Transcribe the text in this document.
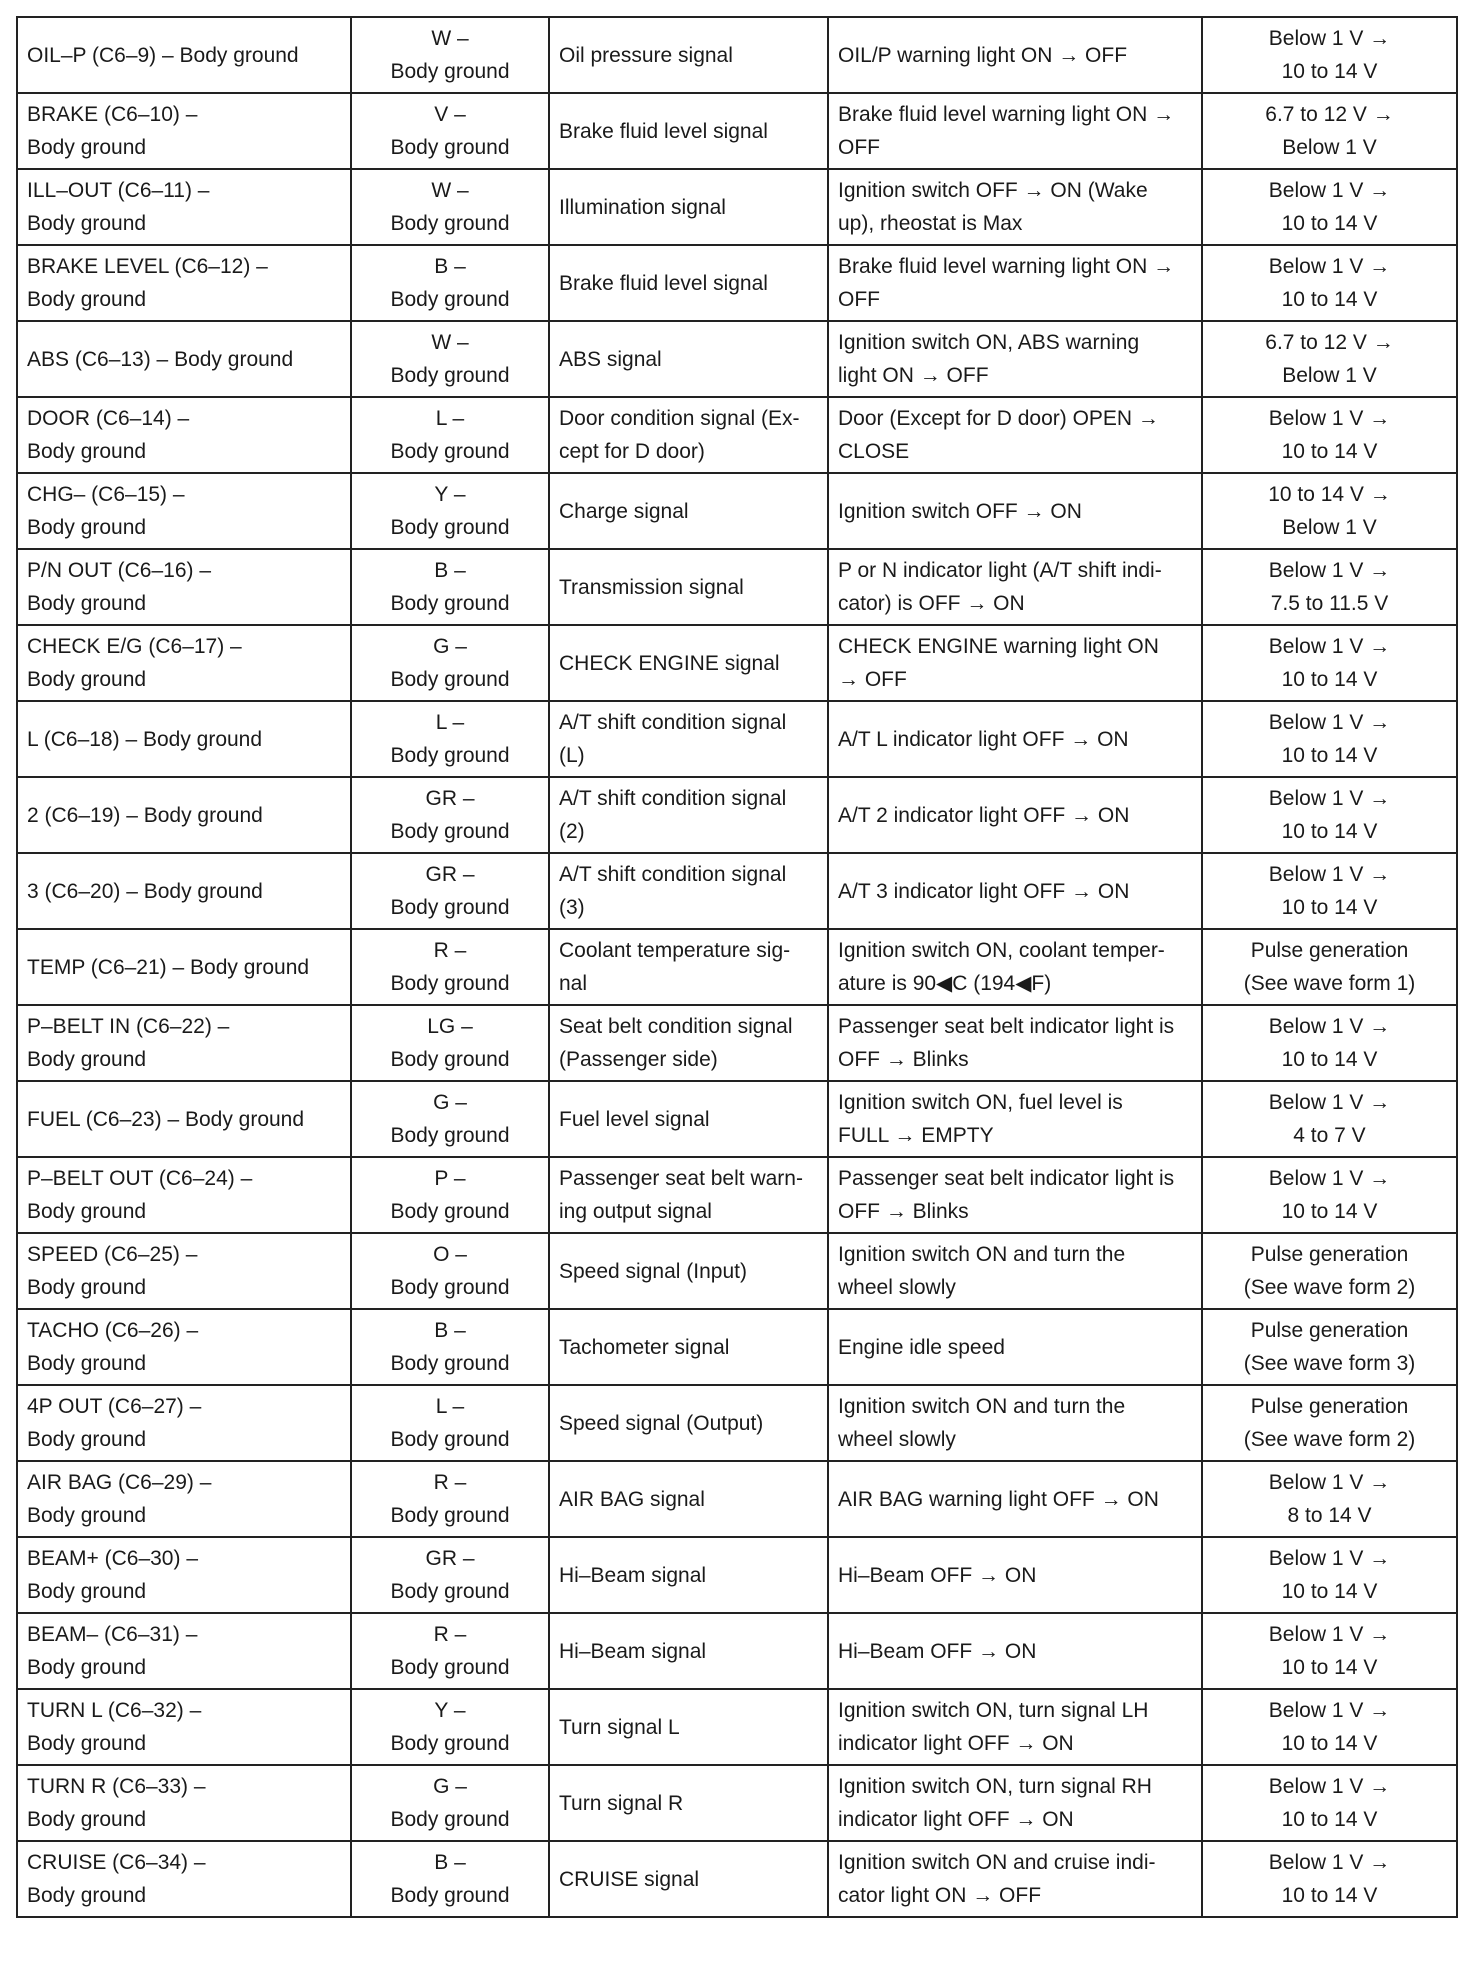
OIL–P (C6–9) – Body ground	W –
Body ground	Oil pressure signal	OIL/P warning light ON → OFF	Below 1 V →
10 to 14 V

BRAKE (C6–10) –
Body ground	V –
Body ground	Brake fluid level signal	Brake fluid level warning light ON →
OFF	6.7 to 12 V →
Below 1 V

ILL–OUT (C6–11) –
Body ground	W –
Body ground	Illumination signal	Ignition switch OFF → ON (Wake
up), rheostat is Max	Below 1 V →
10 to 14 V

BRAKE LEVEL (C6–12) –
Body ground	B –
Body ground	Brake fluid level signal	Brake fluid level warning light ON →
OFF	Below 1 V →
10 to 14 V

ABS (C6–13) – Body ground	W –
Body ground	ABS signal	Ignition switch ON, ABS warning
light ON → OFF	6.7 to 12 V →
Below 1 V

DOOR (C6–14) –
Body ground	L –
Body ground	Door condition signal (Ex-
cept for D door)	Door (Except for D door) OPEN →
CLOSE	Below 1 V →
10 to 14 V

CHG– (C6–15) –
Body ground	Y –
Body ground	Charge signal	Ignition switch OFF → ON	10 to 14 V →
Below 1 V

P/N OUT (C6–16) –
Body ground	B –
Body ground	Transmission signal	P or N indicator light (A/T shift indi-
cator) is OFF → ON	Below 1 V →
7.5 to 11.5 V

CHECK E/G (C6–17) –
Body ground	G –
Body ground	CHECK ENGINE signal	CHECK ENGINE warning light ON
→ OFF	Below 1 V →
10 to 14 V

L (C6–18) – Body ground	L –
Body ground	A/T shift condition signal
(L)	A/T L indicator light OFF → ON	Below 1 V →
10 to 14 V

2 (C6–19) – Body ground	GR –
Body ground	A/T shift condition signal
(2)	A/T 2 indicator light OFF → ON	Below 1 V →
10 to 14 V

3 (C6–20) – Body ground	GR –
Body ground	A/T shift condition signal
(3)	A/T 3 indicator light OFF → ON	Below 1 V →
10 to 14 V

TEMP (C6–21) – Body ground	R –
Body ground	Coolant temperature sig-
nal	Ignition switch ON, coolant temper-
ature is 90◀C (194◀F)	Pulse generation
(See wave form 1)

P–BELT IN (C6–22) –
Body ground	LG –
Body ground	Seat belt condition signal
(Passenger side)	Passenger seat belt indicator light is
OFF → Blinks	Below 1 V →
10 to 14 V

FUEL (C6–23) – Body ground	G –
Body ground	Fuel level signal	Ignition switch ON, fuel level is
FULL → EMPTY	Below 1 V →
4 to 7 V

P–BELT OUT (C6–24) –
Body ground	P –
Body ground	Passenger seat belt warn-
ing output signal	Passenger seat belt indicator light is
OFF → Blinks	Below 1 V →
10 to 14 V

SPEED (C6–25) –
Body ground	O –
Body ground	Speed signal (Input)	Ignition switch ON and turn the
wheel slowly	Pulse generation
(See wave form 2)

TACHO (C6–26) –
Body ground	B –
Body ground	Tachometer signal	Engine idle speed	Pulse generation
(See wave form 3)

4P OUT (C6–27) –
Body ground	L –
Body ground	Speed signal (Output)	Ignition switch ON and turn the
wheel slowly	Pulse generation
(See wave form 2)

AIR BAG (C6–29) –
Body ground	R –
Body ground	AIR BAG signal	AIR BAG warning light OFF → ON	Below 1 V →
8 to 14 V

BEAM+ (C6–30) –
Body ground	GR –
Body ground	Hi–Beam signal	Hi–Beam OFF → ON	Below 1 V →
10 to 14 V

BEAM– (C6–31) –
Body ground	R –
Body ground	Hi–Beam signal	Hi–Beam OFF → ON	Below 1 V →
10 to 14 V

TURN L (C6–32) –
Body ground	Y –
Body ground	Turn signal L	Ignition switch ON, turn signal LH
indicator light OFF → ON	Below 1 V →
10 to 14 V

TURN R (C6–33) –
Body ground	G –
Body ground	Turn signal R	Ignition switch ON, turn signal RH
indicator light OFF → ON	Below 1 V →
10 to 14 V

CRUISE (C6–34) –
Body ground	B –
Body ground	CRUISE signal	Ignition switch ON and cruise indi-
cator light ON → OFF	Below 1 V →
10 to 14 V
